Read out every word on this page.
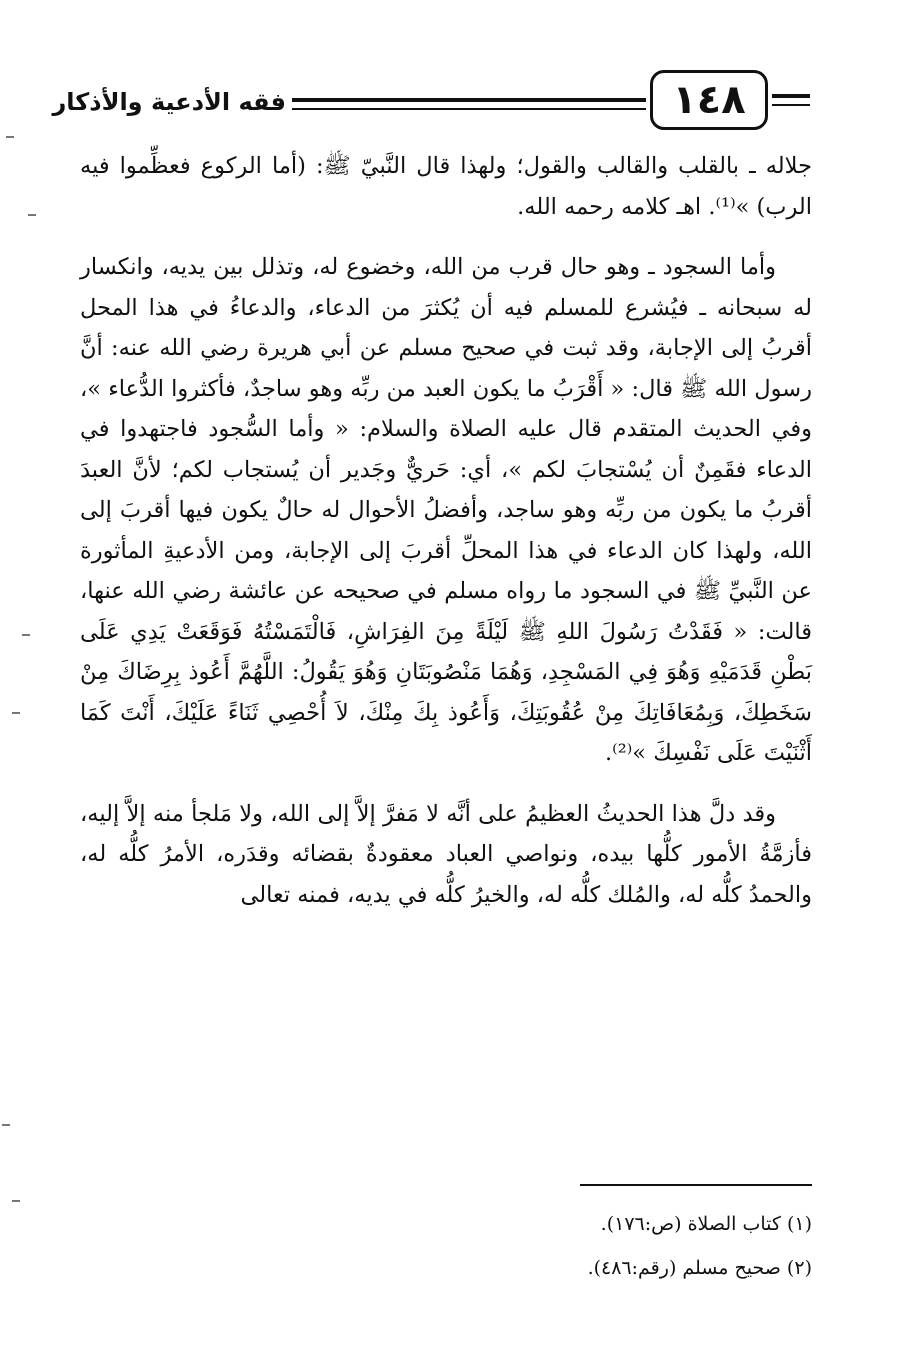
١٤٨
فقه الأدعية والأذكار

جلاله ـ بالقلب والقالب والقول؛ ولهذا قال النَّبيّ ﷺ: (أما الركوع فعظِّموا فيه الرب) »⁽¹⁾. اهـ كلامه رحمه الله.

وأما السجود ـ وهو حال قرب من الله، وخضوع له، وتذلل بين يديه، وانكسار له سبحانه ـ فيُشرع للمسلم فيه أن يُكثرَ من الدعاء، والدعاءُ في هذا المحل أقربُ إلى الإجابة، وقد ثبت في صحيح مسلم عن أبي هريرة رضي الله عنه: أنَّ رسول الله ﷺ قال: « أَقْرَبُ ما يكون العبد من ربِّه وهو ساجدٌ، فأكثروا الدُّعاء »، وفي الحديث المتقدم قال عليه الصلاة والسلام: « وأما السُّجود فاجتهدوا في الدعاء فقَمِنٌ أن يُسْتجابَ لكم »، أي: حَريٌّ وجَدير أن يُستجاب لكم؛ لأنَّ العبدَ أقربُ ما يكون من ربِّه وهو ساجد، وأفضلُ الأحوال له حالٌ يكون فيها أقربَ إلى الله، ولهذا كان الدعاء في هذا المحلِّ أقربَ إلى الإجابة، ومن الأدعيةِ المأثورة عن النَّبيِّ ﷺ في السجود ما رواه مسلم في صحيحه عن عائشة رضي الله عنها، قالت: « فَقَدْتُ رَسُولَ اللهِ ﷺ لَيْلَةً مِنَ الفِرَاشِ، فَالْتَمَسْتُهُ فَوَقَعَتْ يَدِي عَلَى بَطْنِ قَدَمَيْهِ وَهُوَ فِي المَسْجِدِ، وَهُمَا مَنْصُوبَتَانِ وَهُوَ يَقُولُ: اللَّهُمَّ أَعُوذ بِرِضَاكَ مِنْ سَخَطِكَ، وَبِمُعَافَاتِكَ مِنْ عُقُوبَتِكَ، وَأَعُوذ بِكَ مِنْكَ، لاَ أُحْصِي ثَنَاءً عَلَيْكَ، أَنْتَ كَمَا أَثْنَيْتَ عَلَى نَفْسِكَ »⁽²⁾.

وقد دلَّ هذا الحديثُ العظيمُ على أنَّه لا مَفرَّ إلاَّ إلى الله، ولا مَلجأ منه إلاَّ إليه، فأزمَّةُ الأمور كلُّها بيده، ونواصي العباد معقودةٌ بقضائه وقدَره، الأمرُ كلُّه له، والحمدُ كلُّه له، والمُلك كلُّه له، والخيرُ كلُّه في يديه، فمنه تعالى

(١) كتاب الصلاة (ص:١٧٦).
(٢) صحيح مسلم (رقم:٤٨٦).
